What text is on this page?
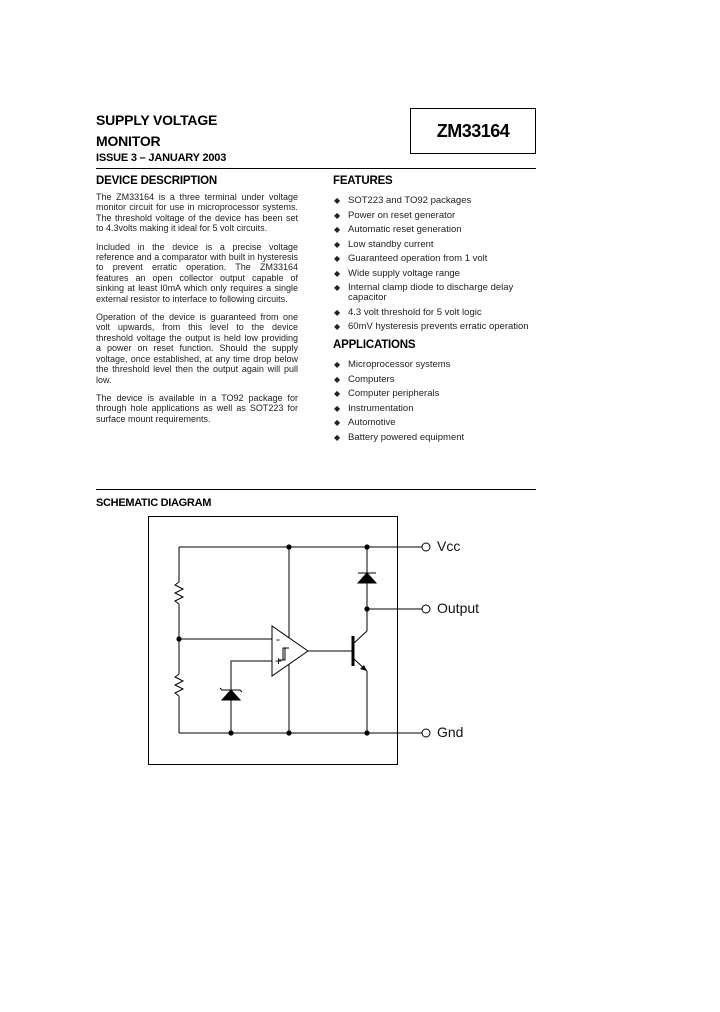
SUPPLY VOLTAGE
MONITOR
ISSUE 3 – JANUARY 2003
ZM33164
DEVICE DESCRIPTION

The ZM33164 is a three terminal under voltage monitor circuit for use in microprocessor systems. The threshold voltage of the device has been set to 4.3volts making it ideal for 5 volt circuits.

Included in the device is a precise voltage reference and a comparator with built in hysteresis to prevent erratic operation. The ZM33164 features an open collector output capable of sinking at least l0mA which only requires a single external resistor to interface to following circuits.

Operation of the device is guaranteed from one volt upwards, from this level to the device threshold voltage the output is held low providing a power on reset function. Should the supply voltage, once established, at any time drop below the threshold level then the output again will pull low.

The device is available in a TO92 package for through hole applications as well as SOT223 for surface mount requirements.

FEATURES
◆ SOT223 and TO92 packages
◆ Power on reset generator
◆ Automatic reset generation
◆ Low standby current
◆ Guaranteed operation from 1 volt
◆ Wide supply voltage range
◆ Internal clamp diode to discharge delay capacitor
◆ 4.3 volt threshold for 5 volt logic
◆ 60mV hysteresis prevents erratic operation
APPLICATIONS
◆ Microprocessor systems
◆ Computers
◆ Computer peripherals
◆ Instrumentation
◆ Automotive
◆ Battery powered equipment
SCHEMATIC DIAGRAM
-
+
Vcc
Output
Gnd
